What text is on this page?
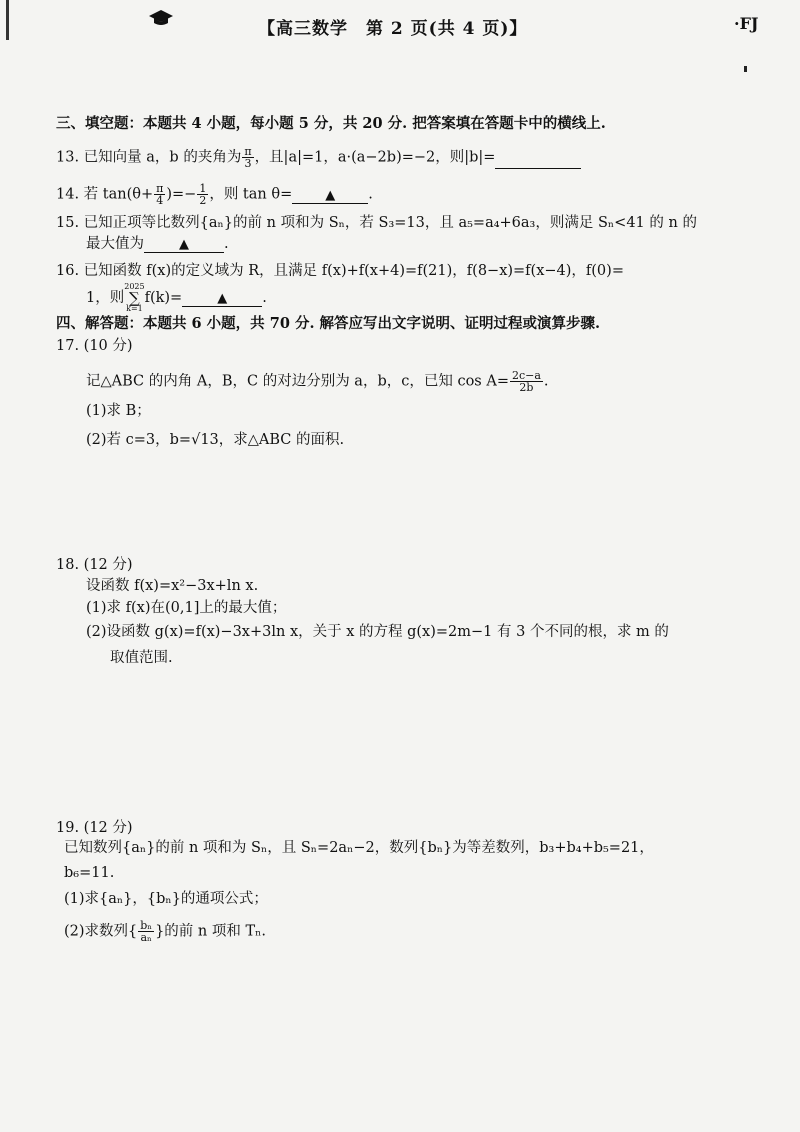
【高三数学　第 2 页(共 4 页)】	·FJ
三、填空题：本题共 4 小题，每小题 5 分，共 20 分. 把答案填在答题卡中的横线上.
13. 已知向量 a，b 的夹角为 $\frac{\pi}{3}$ ，且|a|=1，a·(a−2b)=−2，则|b|=
14. 若 $\tan(\theta+ \frac{\pi}{4}$ )=− $\frac{1}{2}$ ，则 tan θ=	▲ .
15. 已知正项等比数列{aₙ}的前 n 项和为 Sₙ，若 S₃=13，且 a₅=a₄+6a₃，则满足 Sₙ<41 的 n 的
最大值为	▲ .
16. 已知函数 f(x)的定义域为 R，且满足 f(x)+f(x+4)=f(21)，f(8−x)=f(x−4)，f(0)=
1，则2025
∑
k=1f(k)=	▲ .
四、解答题：本题共 6 小题，共 70 分. 解答应写出文字说明、证明过程或演算步骤.
17. (10 分)
记△ABC 的内角 A，B，C 的对边分别为 a，b，c，已知 $\cos A= \frac{2c-a}{2b}$ .
(1)求 B；
(2)若 c=3，b=√13，求△ABC 的面积.
18. (12 分)
设函数 f(x)=x²−3x+ln x.
(1)求 f(x)在(0,1]上的最大值；
(2)设函数 g(x)=f(x)−3x+3ln x，关于 x 的方程 g(x)=2m−1 有 3 个不同的根，求 m 的
取值范围.
19. (12 分)
已知数列{aₙ}的前 n 项和为 Sₙ，且 Sₙ=2aₙ−2，数列{bₙ}为等差数列，b₃+b₄+b₅=21，
b₆=11.
(1)求{aₙ}，{bₙ}的通项公式；
(2)求数列{ $\frac{\text{bₙ}}{\text{aₙ}}$ }的前 n 项和 Tₙ.
